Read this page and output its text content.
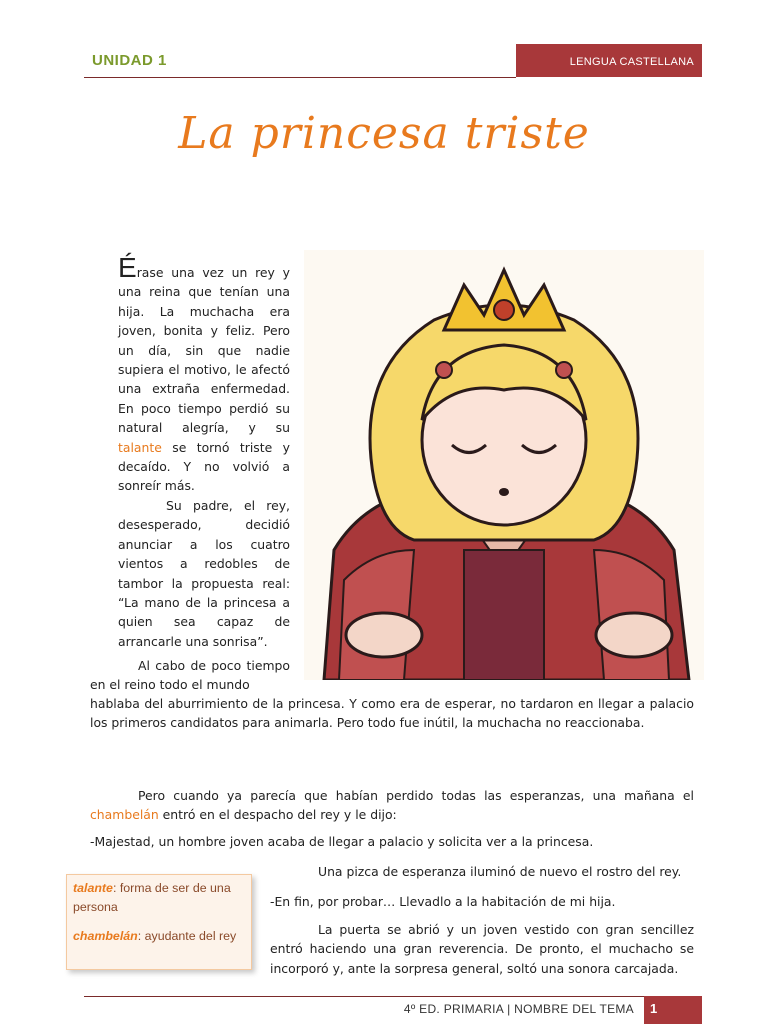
UNIDAD 1	LENGUA CASTELLANA
La princesa triste

Érase una vez un rey y una reina que tenían una hija. La muchacha era joven, bonita y feliz. Pero un día, sin que nadie supiera el motivo, le afectó una extraña enfermedad. En poco tiempo perdió su natural alegría, y su talante se tornó triste y decaído. Y no volvió a sonreír más.

Su padre, el rey, desesperado, decidió anunciar a los cuatro vientos a redobles de tambor la propuesta real: “La mano de la princesa a quien sea capaz de arrancarle una sonrisa”.

Al cabo de poco tiempo en el reino todo el mundo

hablaba del aburrimiento de la princesa. Y como era de esperar, no tardaron en llegar a palacio los primeros candidatos para animarla. Pero todo fue inútil, la muchacha no reaccionaba.

Pero cuando ya parecía que habían perdido todas las esperanzas, una mañana el chambelán entró en el despacho del rey y le dijo:

-Majestad, un hombre joven acaba de llegar a palacio y solicita ver a la princesa.

Una pizca de esperanza iluminó de nuevo el rostro del rey.

-En fin, por probar… Llevadlo a la habitación de mi hija.

La puerta se abrió y un joven vestido con gran sencillez entró haciendo una gran reverencia. De pronto, el muchacho se incorporó y, ante la sorpresa general, soltó una sonora carcajada.

talante: forma de ser de una persona

chambelán: ayudante del rey

4º ED. PRIMARIA | NOMBRE DEL TEMA 1
